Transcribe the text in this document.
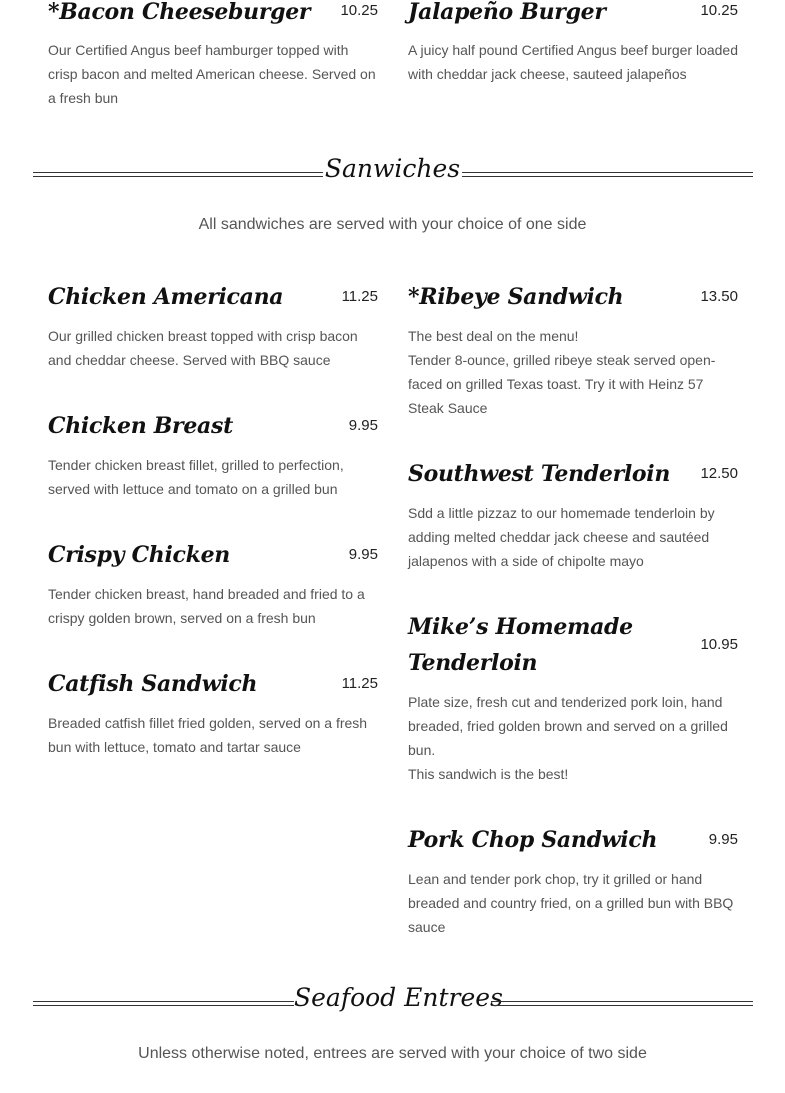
*Bacon Cheeseburger	10.25

Our Certified Angus beef hamburger topped with crisp bacon and melted American cheese. Served on a fresh bun

Jalapeño Burger	10.25

A juicy half pound Certified Angus beef burger loaded with cheddar jack cheese, sauteed jalapeños

Sanwiches
All sandwiches are served with your choice of one side
Chicken Americana	11.25

Our grilled chicken breast topped with crisp bacon and cheddar cheese. Served with BBQ sauce

Chicken Breast	9.95

Tender chicken breast fillet, grilled to perfection, served with lettuce and tomato on a grilled bun

Crispy Chicken	9.95

Tender chicken breast, hand breaded and fried to a crispy golden brown, served on a fresh bun

Catfish Sandwich	11.25

Breaded catfish fillet fried golden, served on a fresh bun with lettuce, tomato and tartar sauce

*Ribeye Sandwich	13.50

The best deal on the menu!

Tender 8-ounce, grilled ribeye steak served open-faced on grilled Texas toast. Try it with Heinz 57 Steak Sauce

Southwest Tenderloin	12.50

Sdd a little pizzaz to our homemade tenderloin by adding melted cheddar jack cheese and sautéed jalapenos with a side of chipolte mayo

Mike’s Homemade Tenderloin
10.95

Plate size, fresh cut and tenderized pork loin, hand breaded, fried golden brown and served on a grilled bun.

This sandwich is the best!

Pork Chop Sandwich	9.95

Lean and tender pork chop, try it grilled or hand breaded and country fried, on a grilled bun with BBQ sauce

Seafood Entrees
Unless otherwise noted, entrees are served with your choice of two side
